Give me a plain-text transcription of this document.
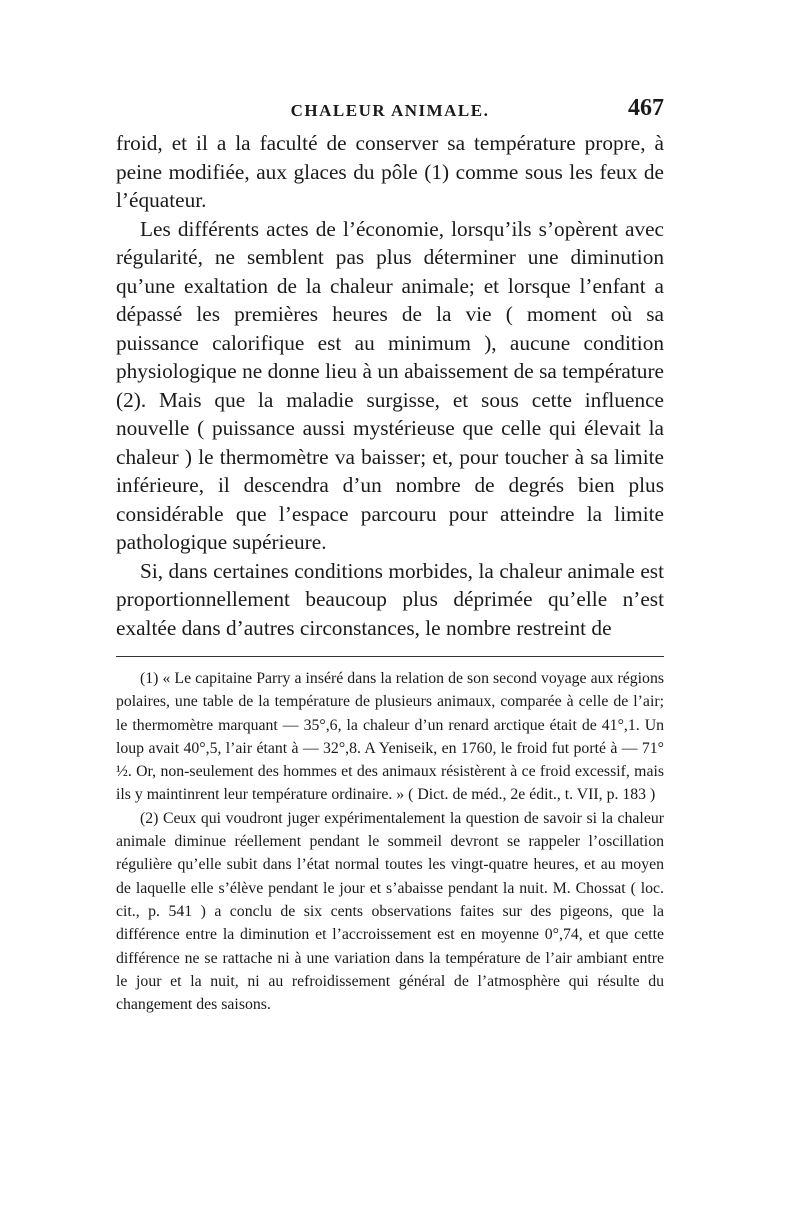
CHALEUR ANIMALE.	467

froid, et il a la faculté de conserver sa température propre, à peine modifiée, aux glaces du pôle (1) comme sous les feux de l’équateur.

Les différents actes de l’économie, lorsqu’ils s’opèrent avec régularité, ne semblent pas plus déterminer une diminution qu’une exaltation de la chaleur animale; et lorsque l’enfant a dépassé les premières heures de la vie ( moment où sa puissance calorifique est au minimum ), aucune condition physiologique ne donne lieu à un abaissement de sa température (2). Mais que la maladie surgisse, et sous cette influence nouvelle ( puissance aussi mystérieuse que celle qui élevait la chaleur ) le thermomètre va baisser; et, pour toucher à sa limite inférieure, il descendra d’un nombre de degrés bien plus considérable que l’espace parcouru pour atteindre la limite pathologique supérieure.

Si, dans certaines conditions morbides, la chaleur animale est proportionnellement beaucoup plus déprimée qu’elle n’est exaltée dans d’autres circonstances, le nombre restreint de

(1) « Le capitaine Parry a inséré dans la relation de son second voyage aux régions polaires, une table de la température de plusieurs animaux, comparée à celle de l’air; le thermomètre marquant — 35°,6, la chaleur d’un renard arctique était de 41°,1. Un loup avait 40°,5, l’air étant à — 32°,8. A Yeniseik, en 1760, le froid fut porté à — 71° ½. Or, non-seulement des hommes et des animaux résistèrent à ce froid excessif, mais ils y maintinrent leur température ordinaire. » ( Dict. de méd., 2e édit., t. VII, p. 183 )

(2) Ceux qui voudront juger expérimentalement la question de savoir si la chaleur animale diminue réellement pendant le sommeil devront se rappeler l’oscillation régulière qu’elle subit dans l’état normal toutes les vingt-quatre heures, et au moyen de laquelle elle s’élève pendant le jour et s’abaisse pendant la nuit. M. Chossat ( loc. cit., p. 541 ) a conclu de six cents observations faites sur des pigeons, que la différence entre la diminution et l’accroissement est en moyenne 0°,74, et que cette différence ne se rattache ni à une variation dans la température de l’air ambiant entre le jour et la nuit, ni au refroidissement général de l’atmosphère qui résulte du changement des saisons.
